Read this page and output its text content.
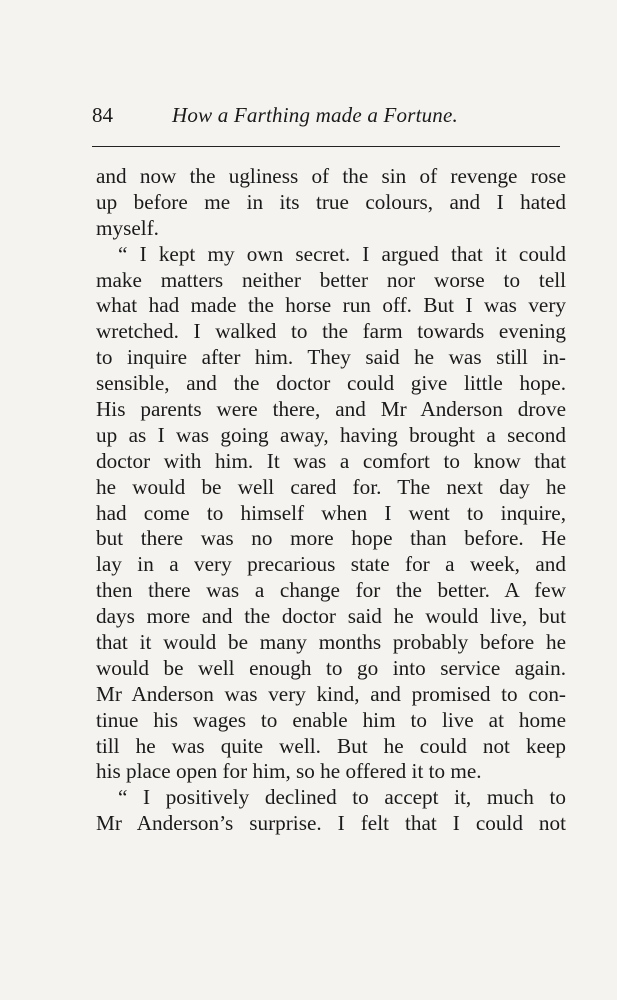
84	How a Farthing made a Fortune.
and now the ugliness of the sin of revenge rose
up before me in its true colours, and I hated
myself.
“ I kept my own secret. I argued that it could
make matters neither better nor worse to tell
what had made the horse run off. But I was very
wretched. I walked to the farm towards evening
to inquire after him. They said he was still in-
sensible, and the doctor could give little hope.
His parents were there, and Mr Anderson drove
up as I was going away, having brought a second
doctor with him. It was a comfort to know that
he would be well cared for. The next day he
had come to himself when I went to inquire,
but there was no more hope than before. He
lay in a very precarious state for a week, and
then there was a change for the better. A few
days more and the doctor said he would live, but
that it would be many months probably before he
would be well enough to go into service again.
Mr Anderson was very kind, and promised to con-
tinue his wages to enable him to live at home
till he was quite well. But he could not keep
his place open for him, so he offered it to me.
“ I positively declined to accept it, much to
Mr Anderson’s surprise. I felt that I could not
